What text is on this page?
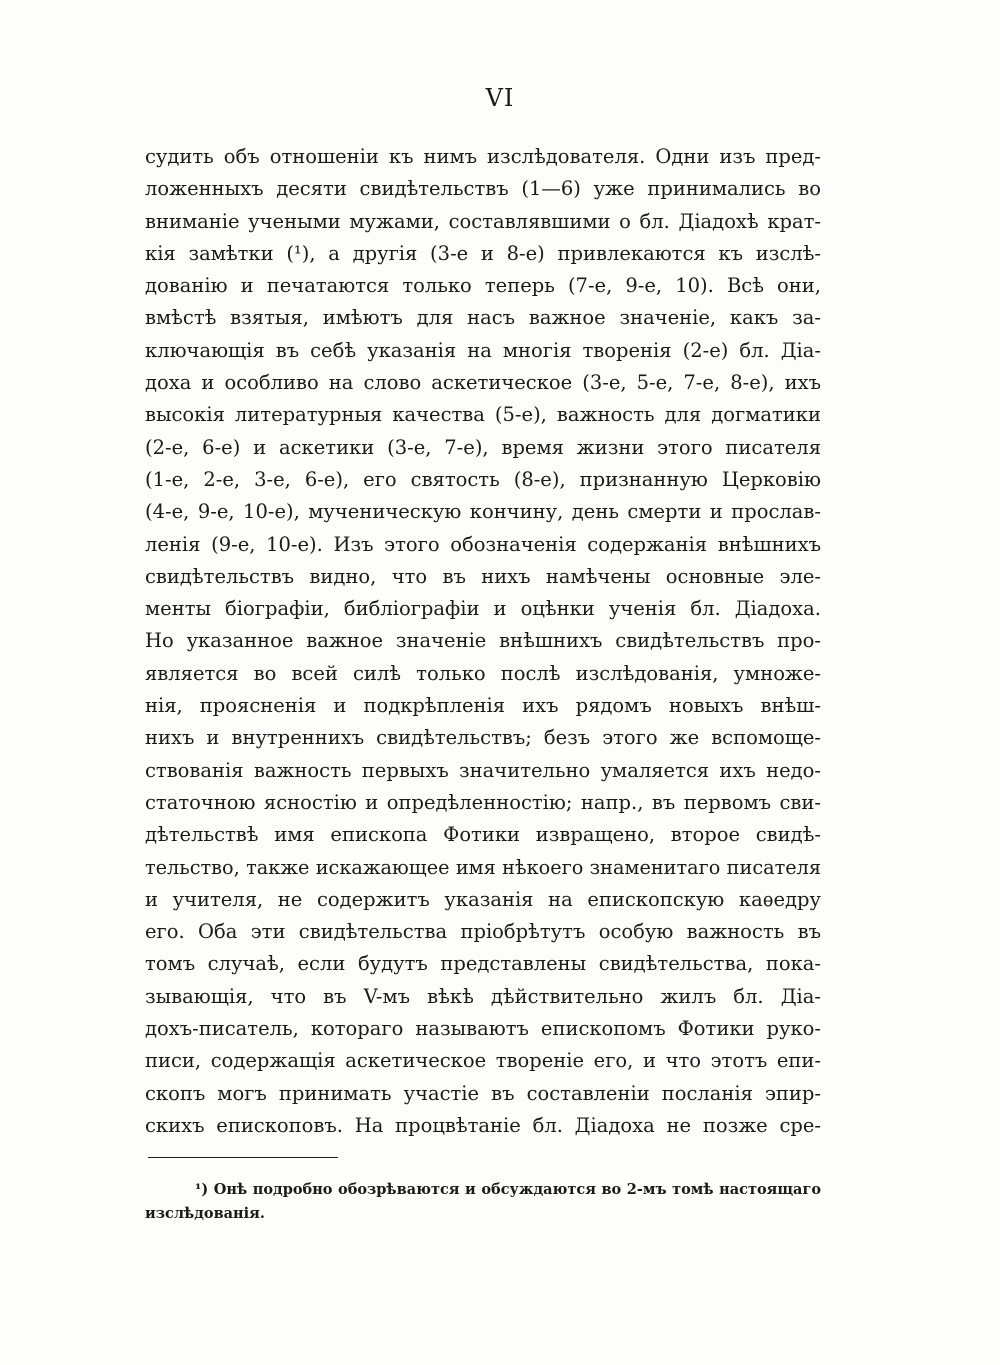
VI
судить объ отношеніи къ нимъ изслѣдователя. Одни изъ пред-
ложенныхъ десяти свидѣтельствъ (1—6) уже принимались во
вниманіе учеными мужами, составлявшими о бл. Діадохѣ крат-
кія замѣтки (¹), а другія (3-е и 8-е) привлекаются къ изслѣ-
дованію и печатаются только теперь (7-е, 9-е, 10). Всѣ они,
вмѣстѣ взятыя, имѣютъ для насъ важное значеніе, какъ за-
ключающія въ себѣ указанія на многія творенія (2-е) бл. Діа-
доха и особливо на слово аскетическое (3-е, 5-е, 7-е, 8-е), ихъ
высокія литературныя качества (5-е), важность для догматики
(2-е, 6-е) и аскетики (3-е, 7-е), время жизни этого писателя
(1-е, 2-е, 3-е, 6-е), его святость (8-е), признанную Церковію
(4-е, 9-е, 10-е), мученическую кончину, день смерти и прослав-
ленія (9-е, 10-е). Изъ этого обозначенія содержанія внѣшнихъ
свидѣтельствъ видно, что въ нихъ намѣчены основные эле-
менты біографіи, библіографіи и оцѣнки ученія бл. Діадоха.
Но указанное важное значеніе внѣшнихъ свидѣтельствъ про-
являетcя во всей силѣ только послѣ изслѣдованія, умноже-
нія, проясненія и подкрѣпленія ихъ рядомъ новыхъ внѣш-
нихъ и внутреннихъ свидѣтельствъ; безъ этого же вспомоще-
ствованія важность первыхъ значительно умаляется ихъ недо-
статочною ясностію и опредѣленностію; напр., въ первомъ сви-
дѣтельствѣ имя епископа Фотики извращено, второе свидѣ-
тельство, также искажающее имя нѣкоего знаменитаго писателя
и учителя, не содержитъ указанія на епископскую каѳедру
его. Оба эти свидѣтельства пріобрѣтутъ особую важность въ
томъ случаѣ, если будутъ представлены свидѣтельства, пока-
зывающія, что въ V-мъ вѣкѣ дѣйствительно жилъ бл. Діа-
дохъ-писатель, котораго называютъ епископомъ Фотики руко-
писи, содержащія аскетическое твореніе его, и что этотъ епи-
скопъ могъ принимать участіе въ составленіи посланія эпир-
скихъ епископовъ. На процвѣтаніе бл. Діадоха не позже сре-
¹) Онѣ подробно обозрѣваются и обсуждаются во 2-мъ томѣ настоящаго
изслѣдованія.
